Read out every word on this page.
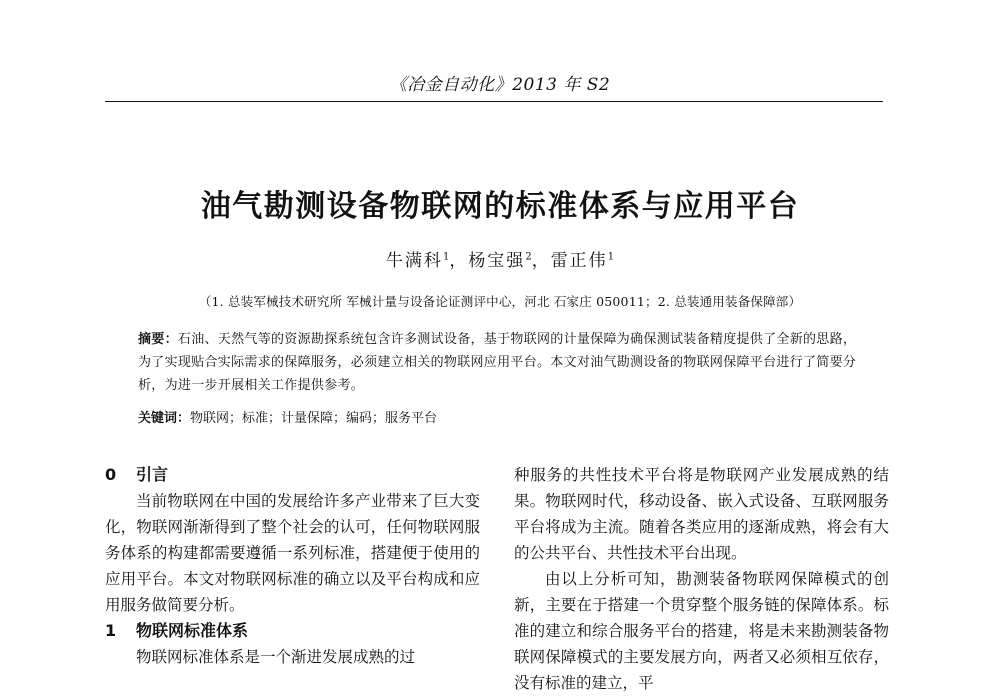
《冶金自动化》2013 年 S2
油气勘测设备物联网的标准体系与应用平台
牛满科$^1$，杨宝强$^2$，雷正伟$^1$
（1. 总装军械技术研究所 军械计量与设备论证测评中心，河北 石家庄 050011；2. 总装通用装备保障部）

摘要：石油、天然气等的资源勘探系统包含许多测试设备，基于物联网的计量保障为确保测试装备精度提供了全新的思路，为了实现贴合实际需求的保障服务，必须建立相关的物联网应用平台。本文对油气勘测设备的物联网保障平台进行了简要分析，为进一步开展相关工作提供参考。

关键词：物联网；标准；计量保障；编码；服务平台

0 引言

当前物联网在中国的发展给许多产业带来了巨大变化，物联网渐渐得到了整个社会的认可，任何物联网服务体系的构建都需要遵循一系列标准，搭建便于使用的应用平台。本文对物联网标准的确立以及平台构成和应用服务做简要分析。

1 物联网标准体系

物联网标准体系是一个渐进发展成熟的过

种服务的共性技术平台将是物联网产业发展成熟的结果。物联网时代，移动设备、嵌入式设备、互联网服务平台将成为主流。随着各类应用的逐渐成熟，将会有大的公共平台、共性技术平台出现。

由以上分析可知，勘测装备物联网保障模式的创新，主要在于搭建一个贯穿整个服务链的保障体系。标准的建立和综合服务平台的搭建，将是未来勘测装备物联网保障模式的主要发展方向，两者又必须相互依存，没有标准的建立，平
